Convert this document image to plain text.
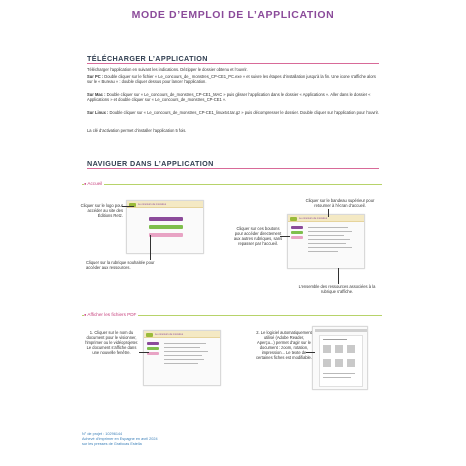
MODE D’EMPLOI DE L’APPLICATION
TÉLÉCHARGER L’APPLICATION
Télécharger l’application en suivant les indications. Dézipper le dossier obtenu et l’ouvrir.
Sur PC : Double cliquer sur le fichier « Le_concours_de_ monstres_CP-CE1_PC.exe » et suivre les étapes d’installation jusqu’à la fin. Une icone s’affiche alors sur le « Bureau » : double cliquer dessus pour lancer l’application.
Sur Mac : Double cliquer sur « Le_concours_de_monstres_CP-CE1_MAC » puis glisser l’application dans le dossier « Applications ». Aller dans le dossier « Applications » et double cliquer sur « Le_concours_de_monstres_CP-CE1 ».
Sur Linux : Double cliquer sur « Le_concours_de_monstres_CP-CE1_linux64.tar.gz » puis décompresser le dossier. Double cliquer sur l’application pour l’ouvrir.
La clé d’activation permet d’installer l’application 5 fois.
NAVIGUER DANS L’APPLICATION
●Accueil
Cliquer sur le logo pour accéder au site des Éditions Retz.
Cliquer sur la rubrique souhaitée pour accéder aux ressources.
Le concours de monstres
Cliquer sur le bandeau supérieur pour retourner à l’écran d’accueil.
Cliquer sur ces boutons pour accéder directement aux autres rubriques, sans repasser par l’accueil.
L’ensemble des ressources associées à la rubrique s’affiche.
Le concours de monstres
●Afficher les fichiers PDF
1. Cliquer sur le nom du document pour le visionner, l’imprimer ou le vidéoprojeter. Le document s’affiche dans une nouvelle fenêtre.
Le concours de monstres	2. Le logiciel automatiquement utilisé (Adobe Reader, Aperçu...) permet d’agir sur le document : zoom, rotation, impression... Le texte de certaines fiches est modifiable.
N° de projet : 10296144
Achevé d’imprimer en Espagne en avril 2024
sur les presses de Grafocas Estella
